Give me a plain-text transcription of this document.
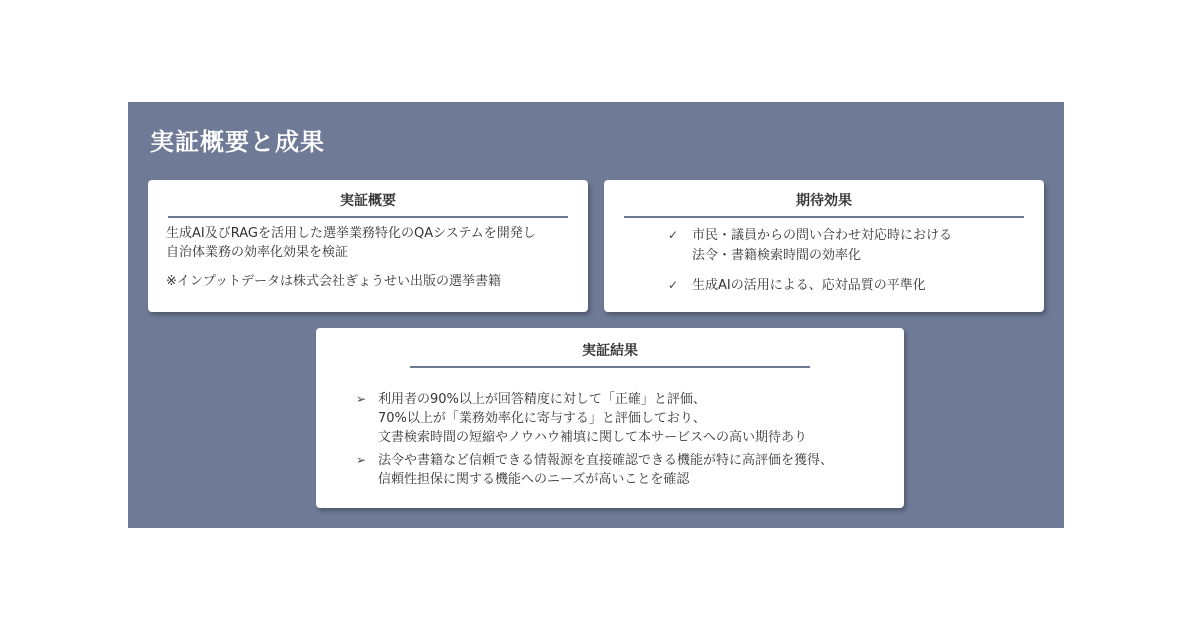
実証概要と成果
実証概要

生成AI及びRAGを活用した選挙業務特化のQAシステムを開発し

自治体業務の効率化効果を検証

※インプットデータは株式会社ぎょうせい出版の選挙書籍

期待効果
✓ 市民・議員からの問い合わせ対応時における

法令・書籍検索時間の効率化

✓ 生成AIの活用による、応対品質の平準化

実証結果
➢ 利用者の90%以上が回答精度に対して「正確」と評価、

70%以上が「業務効率化に寄与する」と評価しており、

文書検索時間の短縮やノウハウ補填に関して本サービスへの高い期待あり

➢ 法令や書籍など信頼できる情報源を直接確認できる機能が特に高評価を獲得、

信頼性担保に関する機能へのニーズが高いことを確認
